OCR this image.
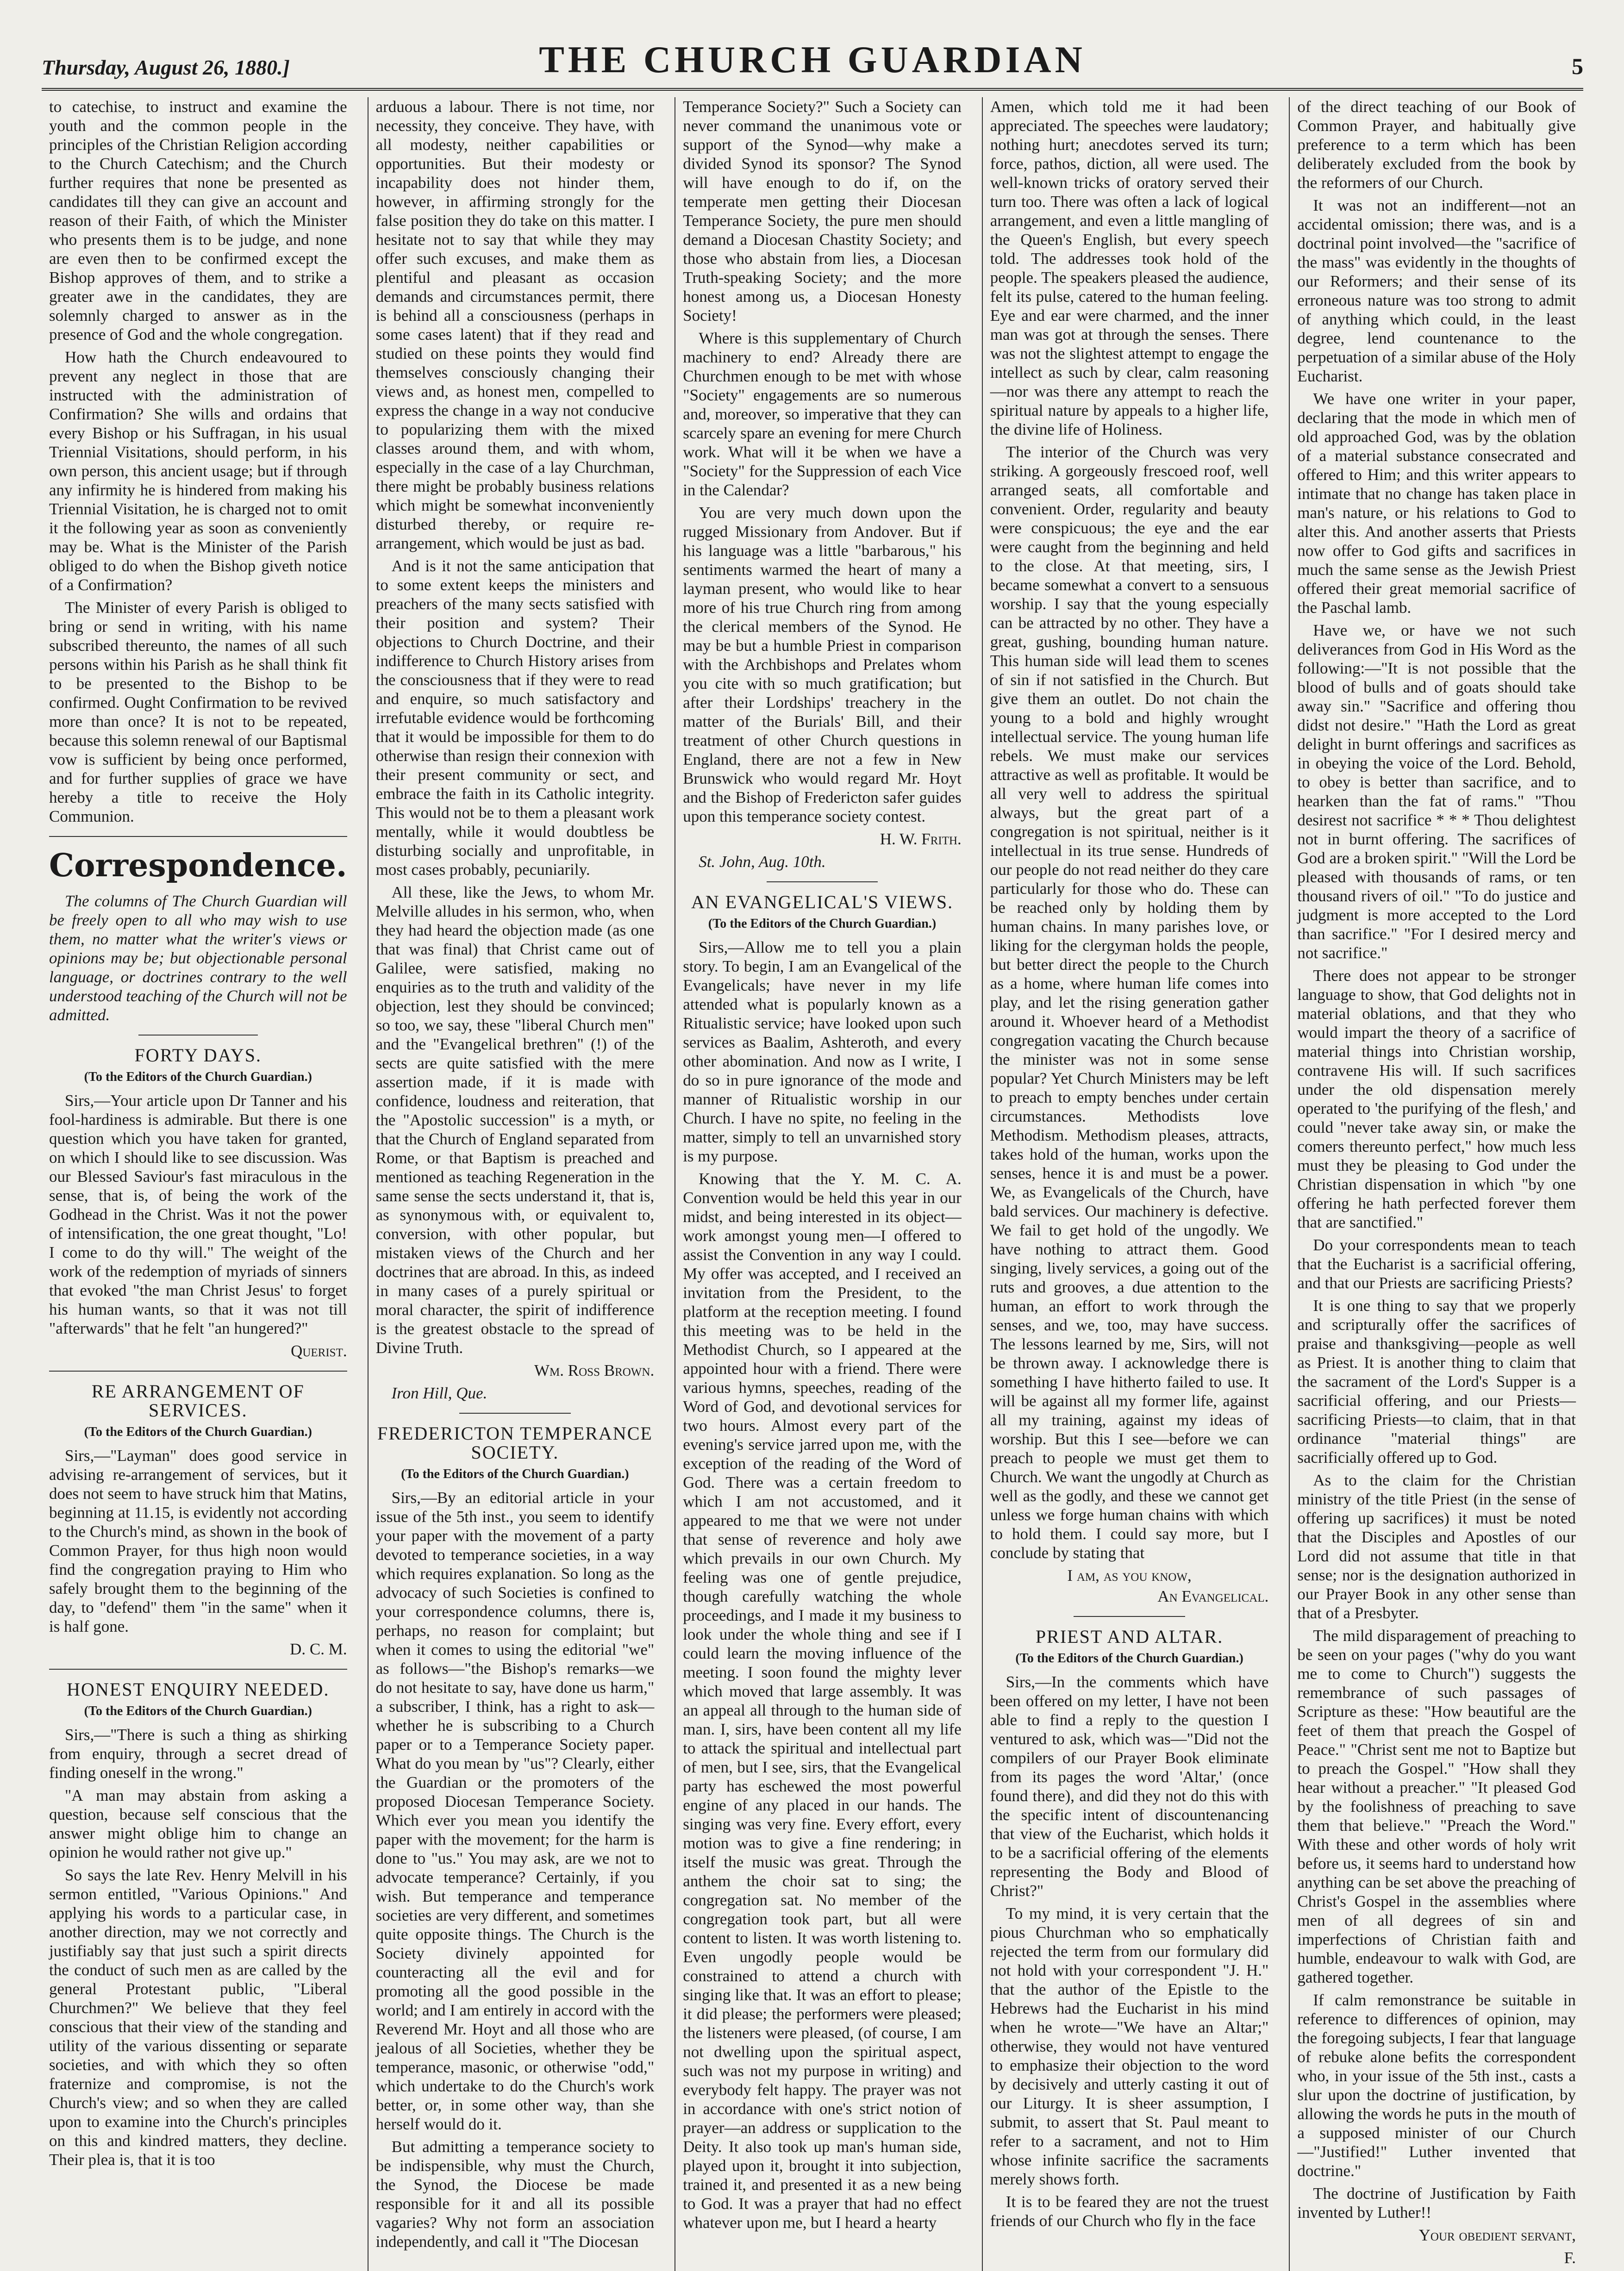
Thursday, August 26, 1880.]	THE CHURCH GUARDIAN	5

to catechise, to instruct and examine the youth and the common people in the principles of the Christian Religion according to the Church Catechism; and the Church further requires that none be presented as candidates till they can give an account and reason of their Faith, of which the Minister who presents them is to be judge, and none are even then to be confirmed except the Bishop approves of them, and to strike a greater awe in the candidates, they are solemnly charged to answer as in the presence of God and the whole congregation.

How hath the Church endeavoured to prevent any neglect in those that are instructed with the administration of Confirmation? She wills and ordains that every Bishop or his Suffragan, in his usual Triennial Visitations, should perform, in his own person, this ancient usage; but if through any infirmity he is hindered from making his Triennial Visitation, he is charged not to omit it the following year as soon as conveniently may be. What is the Minister of the Parish obliged to do when the Bishop giveth notice of a Confirmation?

The Minister of every Parish is obliged to bring or send in writing, with his name subscribed thereunto, the names of all such persons within his Parish as he shall think fit to be presented to the Bishop to be confirmed. Ought Confirmation to be revived more than once? It is not to be repeated, because this solemn renewal of our Baptismal vow is sufficient by being once performed, and for further supplies of grace we have hereby a title to receive the Holy Communion.

Correspondence.

The columns of The Church Guardian will be freely open to all who may wish to use them, no matter what the writer's views or opinions may be; but objectionable personal language, or doctrines contrary to the well understood teaching of the Church will not be admitted.

FORTY DAYS.
(To the Editors of the Church Guardian.)

Sirs,—Your article upon Dr Tanner and his fool-hardiness is admirable. But there is one question which you have taken for granted, on which I should like to see discussion. Was our Blessed Saviour's fast miraculous in the sense, that is, of being the work of the Godhead in the Christ. Was it not the power of intensification, the one great thought, "Lo! I come to do thy will." The weight of the work of the redemption of myriads of sinners that evoked "the man Christ Jesus' to forget his human wants, so that it was not till "afterwards" that he felt "an hungered?"

Querist.
RE ARRANGEMENT OF SERVICES.
(To the Editors of the Church Guardian.)

Sirs,—"Layman" does good service in advising re-arrangement of services, but it does not seem to have struck him that Matins, beginning at 11.15, is evidently not according to the Church's mind, as shown in the book of Common Prayer, for thus high noon would find the congregation praying to Him who safely brought them to the beginning of the day, to "defend" them "in the same" when it is half gone.

D. C. M.
HONEST ENQUIRY NEEDED.
(To the Editors of the Church Guardian.)

Sirs,—"There is such a thing as shirking from enquiry, through a secret dread of finding oneself in the wrong."

"A man may abstain from asking a question, because self conscious that the answer might oblige him to change an opinion he would rather not give up."

So says the late Rev. Henry Melvill in his sermon entitled, "Various Opinions." And applying his words to a particular case, in another direction, may we not correctly and justifiably say that just such a spirit directs the conduct of such men as are called by the general Protestant public, "Liberal Churchmen?" We believe that they feel conscious that their view of the standing and utility of the various dissenting or separate societies, and with which they so often fraternize and compromise, is not the Church's view; and so when they are called upon to examine into the Church's principles on this and kindred matters, they decline. Their plea is, that it is too

arduous a labour. There is not time, nor necessity, they conceive. They have, with all modesty, neither capabilities or opportunities. But their modesty or incapability does not hinder them, however, in affirming strongly for the false position they do take on this matter. I hesitate not to say that while they may offer such excuses, and make them as plentiful and pleasant as occasion demands and circumstances permit, there is behind all a consciousness (perhaps in some cases latent) that if they read and studied on these points they would find themselves consciously changing their views and, as honest men, compelled to express the change in a way not conducive to popularizing them with the mixed classes around them, and with whom, especially in the case of a lay Churchman, there might be probably business relations which might be somewhat inconveniently disturbed thereby, or require re-arrangement, which would be just as bad.

And is it not the same anticipation that to some extent keeps the ministers and preachers of the many sects satisfied with their position and system? Their objections to Church Doctrine, and their indifference to Church History arises from the consciousness that if they were to read and enquire, so much satisfactory and irrefutable evidence would be forthcoming that it would be impossible for them to do otherwise than resign their connexion with their present community or sect, and embrace the faith in its Catholic integrity. This would not be to them a pleasant work mentally, while it would doubtless be disturbing socially and unprofitable, in most cases probably, pecuniarily.

All these, like the Jews, to whom Mr. Melville alludes in his sermon, who, when they had heard the objection made (as one that was final) that Christ came out of Galilee, were satisfied, making no enquiries as to the truth and validity of the objection, lest they should be convinced; so too, we say, these "liberal Church men" and the "Evangelical brethren" (!) of the sects are quite satisfied with the mere assertion made, if it is made with confidence, loudness and reiteration, that the "Apostolic succession" is a myth, or that the Church of England separated from Rome, or that Baptism is preached and mentioned as teaching Regeneration in the same sense the sects understand it, that is, as synonymous with, or equivalent to, conversion, with other popular, but mistaken views of the Church and her doctrines that are abroad. In this, as indeed in many cases of a purely spiritual or moral character, the spirit of indifference is the greatest obstacle to the spread of Divine Truth.

Wm. Ross Brown.
Iron Hill, Que.
FREDERICTON TEMPERANCE SOCIETY.
(To the Editors of the Church Guardian.)

Sirs,—By an editorial article in your issue of the 5th inst., you seem to identify your paper with the movement of a party devoted to temperance societies, in a way which requires explanation. So long as the advocacy of such Societies is confined to your correspondence columns, there is, perhaps, no reason for complaint; but when it comes to using the editorial "we" as follows—"the Bishop's remarks—we do not hesitate to say, have done us harm," a subscriber, I think, has a right to ask—whether he is subscribing to a Church paper or to a Temperance Society paper. What do you mean by "us"? Clearly, either the Guardian or the promoters of the proposed Diocesan Temperance Society. Which ever you mean you identify the paper with the movement; for the harm is done to "us." You may ask, are we not to advocate temperance? Certainly, if you wish. But temperance and temperance societies are very different, and sometimes quite opposite things. The Church is the Society divinely appointed for counteracting all the evil and for promoting all the good possible in the world; and I am entirely in accord with the Reverend Mr. Hoyt and all those who are jealous of all Societies, whether they be temperance, masonic, or otherwise "odd," which undertake to do the Church's work better, or, in some other way, than she herself would do it.

But admitting a temperance society to be indispensible, why must the Church, the Synod, the Diocese be made responsible for it and all its possible vagaries? Why not form an association independently, and call it "The Diocesan

Temperance Society?" Such a Society can never command the unanimous vote or support of the Synod—why make a divided Synod its sponsor? The Synod will have enough to do if, on the temperate men getting their Diocesan Temperance Society, the pure men should demand a Diocesan Chastity Society; and those who abstain from lies, a Diocesan Truth-speaking Society; and the more honest among us, a Diocesan Honesty Society!

Where is this supplementary of Church machinery to end? Already there are Churchmen enough to be met with whose "Society" engagements are so numerous and, moreover, so imperative that they can scarcely spare an evening for mere Church work. What will it be when we have a "Society" for the Suppression of each Vice in the Calendar?

You are very much down upon the rugged Missionary from Andover. But if his language was a little "barbarous," his sentiments warmed the heart of many a layman present, who would like to hear more of his true Church ring from among the clerical members of the Synod. He may be but a humble Priest in comparison with the Archbishops and Prelates whom you cite with so much gratification; but after their Lordships' treachery in the matter of the Burials' Bill, and their treatment of other Church questions in England, there are not a few in New Brunswick who would regard Mr. Hoyt and the Bishop of Fredericton safer guides upon this temperance society contest.

H. W. Frith.
St. John, Aug. 10th.
AN EVANGELICAL'S VIEWS.
(To the Editors of the Church Guardian.)

Sirs,—Allow me to tell you a plain story. To begin, I am an Evangelical of the Evangelicals; have never in my life attended what is popularly known as a Ritualistic service; have looked upon such services as Baalim, Ashteroth, and every other abomination. And now as I write, I do so in pure ignorance of the mode and manner of Ritualistic worship in our Church. I have no spite, no feeling in the matter, simply to tell an unvarnished story is my purpose.

Knowing that the Y. M. C. A. Convention would be held this year in our midst, and being interested in its object—work amongst young men—I offered to assist the Convention in any way I could. My offer was accepted, and I received an invitation from the President, to the platform at the reception meeting. I found this meeting was to be held in the Methodist Church, so I appeared at the appointed hour with a friend. There were various hymns, speeches, reading of the Word of God, and devotional services for two hours. Almost every part of the evening's service jarred upon me, with the exception of the reading of the Word of God. There was a certain freedom to which I am not accustomed, and it appeared to me that we were not under that sense of reverence and holy awe which prevails in our own Church. My feeling was one of gentle prejudice, though carefully watching the whole proceedings, and I made it my business to look under the whole thing and see if I could learn the moving influence of the meeting. I soon found the mighty lever which moved that large assembly. It was an appeal all through to the human side of man. I, sirs, have been content all my life to attack the spiritual and intellectual part of men, but I see, sirs, that the Evangelical party has eschewed the most powerful engine of any placed in our hands. The singing was very fine. Every effort, every motion was to give a fine rendering; in itself the music was great. Through the anthem the choir sat to sing; the congregation sat. No member of the congregation took part, but all were content to listen. It was worth listening to. Even ungodly people would be constrained to attend a church with singing like that. It was an effort to please; it did please; the performers were pleased; the listeners were pleased, (of course, I am not dwelling upon the spiritual aspect, such was not my purpose in writing) and everybody felt happy. The prayer was not in accordance with one's strict notion of prayer—an address or supplication to the Deity. It also took up man's human side, played upon it, brought it into subjection, trained it, and presented it as a new being to God. It was a prayer that had no effect whatever upon me, but I heard a hearty

Amen, which told me it had been appreciated. The speeches were laudatory; nothing hurt; anecdotes served its turn; force, pathos, diction, all were used. The well-known tricks of oratory served their turn too. There was often a lack of logical arrangement, and even a little mangling of the Queen's English, but every speech told. The addresses took hold of the people. The speakers pleased the audience, felt its pulse, catered to the human feeling. Eye and ear were charmed, and the inner man was got at through the senses. There was not the slightest attempt to engage the intellect as such by clear, calm reasoning—nor was there any attempt to reach the spiritual nature by appeals to a higher life, the divine life of Holiness.

The interior of the Church was very striking. A gorgeously frescoed roof, well arranged seats, all comfortable and convenient. Order, regularity and beauty were conspicuous; the eye and the ear were caught from the beginning and held to the close. At that meeting, sirs, I became somewhat a convert to a sensuous worship. I say that the young especially can be attracted by no other. They have a great, gushing, bounding human nature. This human side will lead them to scenes of sin if not satisfied in the Church. But give them an outlet. Do not chain the young to a bold and highly wrought intellectual service. The young human life rebels. We must make our services attractive as well as profitable. It would be all very well to address the spiritual always, but the great part of a congregation is not spiritual, neither is it intellectual in its true sense. Hundreds of our people do not read neither do they care particularly for those who do. These can be reached only by holding them by human chains. In many parishes love, or liking for the clergyman holds the people, but better direct the people to the Church as a home, where human life comes into play, and let the rising generation gather around it. Whoever heard of a Methodist congregation vacating the Church because the minister was not in some sense popular? Yet Church Ministers may be left to preach to empty benches under certain circumstances. Methodists love Methodism. Methodism pleases, attracts, takes hold of the human, works upon the senses, hence it is and must be a power. We, as Evangelicals of the Church, have bald services. Our machinery is defective. We fail to get hold of the ungodly. We have nothing to attract them. Good singing, lively services, a going out of the ruts and grooves, a due attention to the human, an effort to work through the senses, and we, too, may have success. The lessons learned by me, Sirs, will not be thrown away. I acknowledge there is something I have hitherto failed to use. It will be against all my former life, against all my training, against my ideas of worship. But this I see—before we can preach to people we must get them to Church. We want the ungodly at Church as well as the godly, and these we cannot get unless we forge human chains with which to hold them. I could say more, but I conclude by stating that

I am, as you know,
An Evangelical.
PRIEST AND ALTAR.
(To the Editors of the Church Guardian.)

Sirs,—In the comments which have been offered on my letter, I have not been able to find a reply to the question I ventured to ask, which was—"Did not the compilers of our Prayer Book eliminate from its pages the word 'Altar,' (once found there), and did they not do this with the specific intent of discountenancing that view of the Eucharist, which holds it to be a sacrificial offering of the elements representing the Body and Blood of Christ?"

To my mind, it is very certain that the pious Churchman who so emphatically rejected the term from our formulary did not hold with your correspondent "J. H." that the author of the Epistle to the Hebrews had the Eucharist in his mind when he wrote—"We have an Altar;" otherwise, they would not have ventured to emphasize their objection to the word by decisively and utterly casting it out of our Liturgy. It is sheer assumption, I submit, to assert that St. Paul meant to refer to a sacrament, and not to Him whose infinite sacrifice the sacraments merely shows forth.

It is to be feared they are not the truest friends of our Church who fly in the face

of the direct teaching of our Book of Common Prayer, and habitually give preference to a term which has been deliberately excluded from the book by the reformers of our Church.

It was not an indifferent—not an accidental omission; there was, and is a doctrinal point involved—the "sacrifice of the mass" was evidently in the thoughts of our Reformers; and their sense of its erroneous nature was too strong to admit of anything which could, in the least degree, lend countenance to the perpetuation of a similar abuse of the Holy Eucharist.

We have one writer in your paper, declaring that the mode in which men of old approached God, was by the oblation of a material substance consecrated and offered to Him; and this writer appears to intimate that no change has taken place in man's nature, or his relations to God to alter this. And another asserts that Priests now offer to God gifts and sacrifices in much the same sense as the Jewish Priest offered their great memorial sacrifice of the Paschal lamb.

Have we, or have we not such deliverances from God in His Word as the following:—"It is not possible that the blood of bulls and of goats should take away sin." "Sacrifice and offering thou didst not desire." "Hath the Lord as great delight in burnt offerings and sacrifices as in obeying the voice of the Lord. Behold, to obey is better than sacrifice, and to hearken than the fat of rams." "Thou desirest not sacrifice * * * Thou delightest not in burnt offering. The sacrifices of God are a broken spirit." "Will the Lord be pleased with thousands of rams, or ten thousand rivers of oil." "To do justice and judgment is more accepted to the Lord than sacrifice." "For I desired mercy and not sacrifice."

There does not appear to be stronger language to show, that God delights not in material oblations, and that they who would impart the theory of a sacrifice of material things into Christian worship, contravene His will. If such sacrifices under the old dispensation merely operated to 'the purifying of the flesh,' and could "never take away sin, or make the comers thereunto perfect," how much less must they be pleasing to God under the Christian dispensation in which "by one offering he hath perfected forever them that are sanctified."

Do your correspondents mean to teach that the Eucharist is a sacrificial offering, and that our Priests are sacrificing Priests?

It is one thing to say that we properly and scripturally offer the sacrifices of praise and thanksgiving—people as well as Priest. It is another thing to claim that the sacrament of the Lord's Supper is a sacrificial offering, and our Priests—sacrificing Priests—to claim, that in that ordinance "material things" are sacrificially offered up to God.

As to the claim for the Christian ministry of the title Priest (in the sense of offering up sacrifices) it must be noted that the Disciples and Apostles of our Lord did not assume that title in that sense; nor is the designation authorized in our Prayer Book in any other sense than that of a Presbyter.

The mild disparagement of preaching to be seen on your pages ("why do you want me to come to Church") suggests the remembrance of such passages of Scripture as these: "How beautiful are the feet of them that preach the Gospel of Peace." "Christ sent me not to Baptize but to preach the Gospel." "How shall they hear without a preacher." "It pleased God by the foolishness of preaching to save them that believe." "Preach the Word." With these and other words of holy writ before us, it seems hard to understand how anything can be set above the preaching of Christ's Gospel in the assemblies where men of all degrees of sin and imperfections of Christian faith and humble, endeavour to walk with God, are gathered together.

If calm remonstrance be suitable in reference to differences of opinion, may the foregoing subjects, I fear that language of rebuke alone befits the correspondent who, in your issue of the 5th inst., casts a slur upon the doctrine of justification, by allowing the words he puts in the mouth of a supposed minister of our Church—"Justified!" Luther invented that doctrine."

The doctrine of Justification by Faith invented by Luther!!

Your obedient servant,
F.
